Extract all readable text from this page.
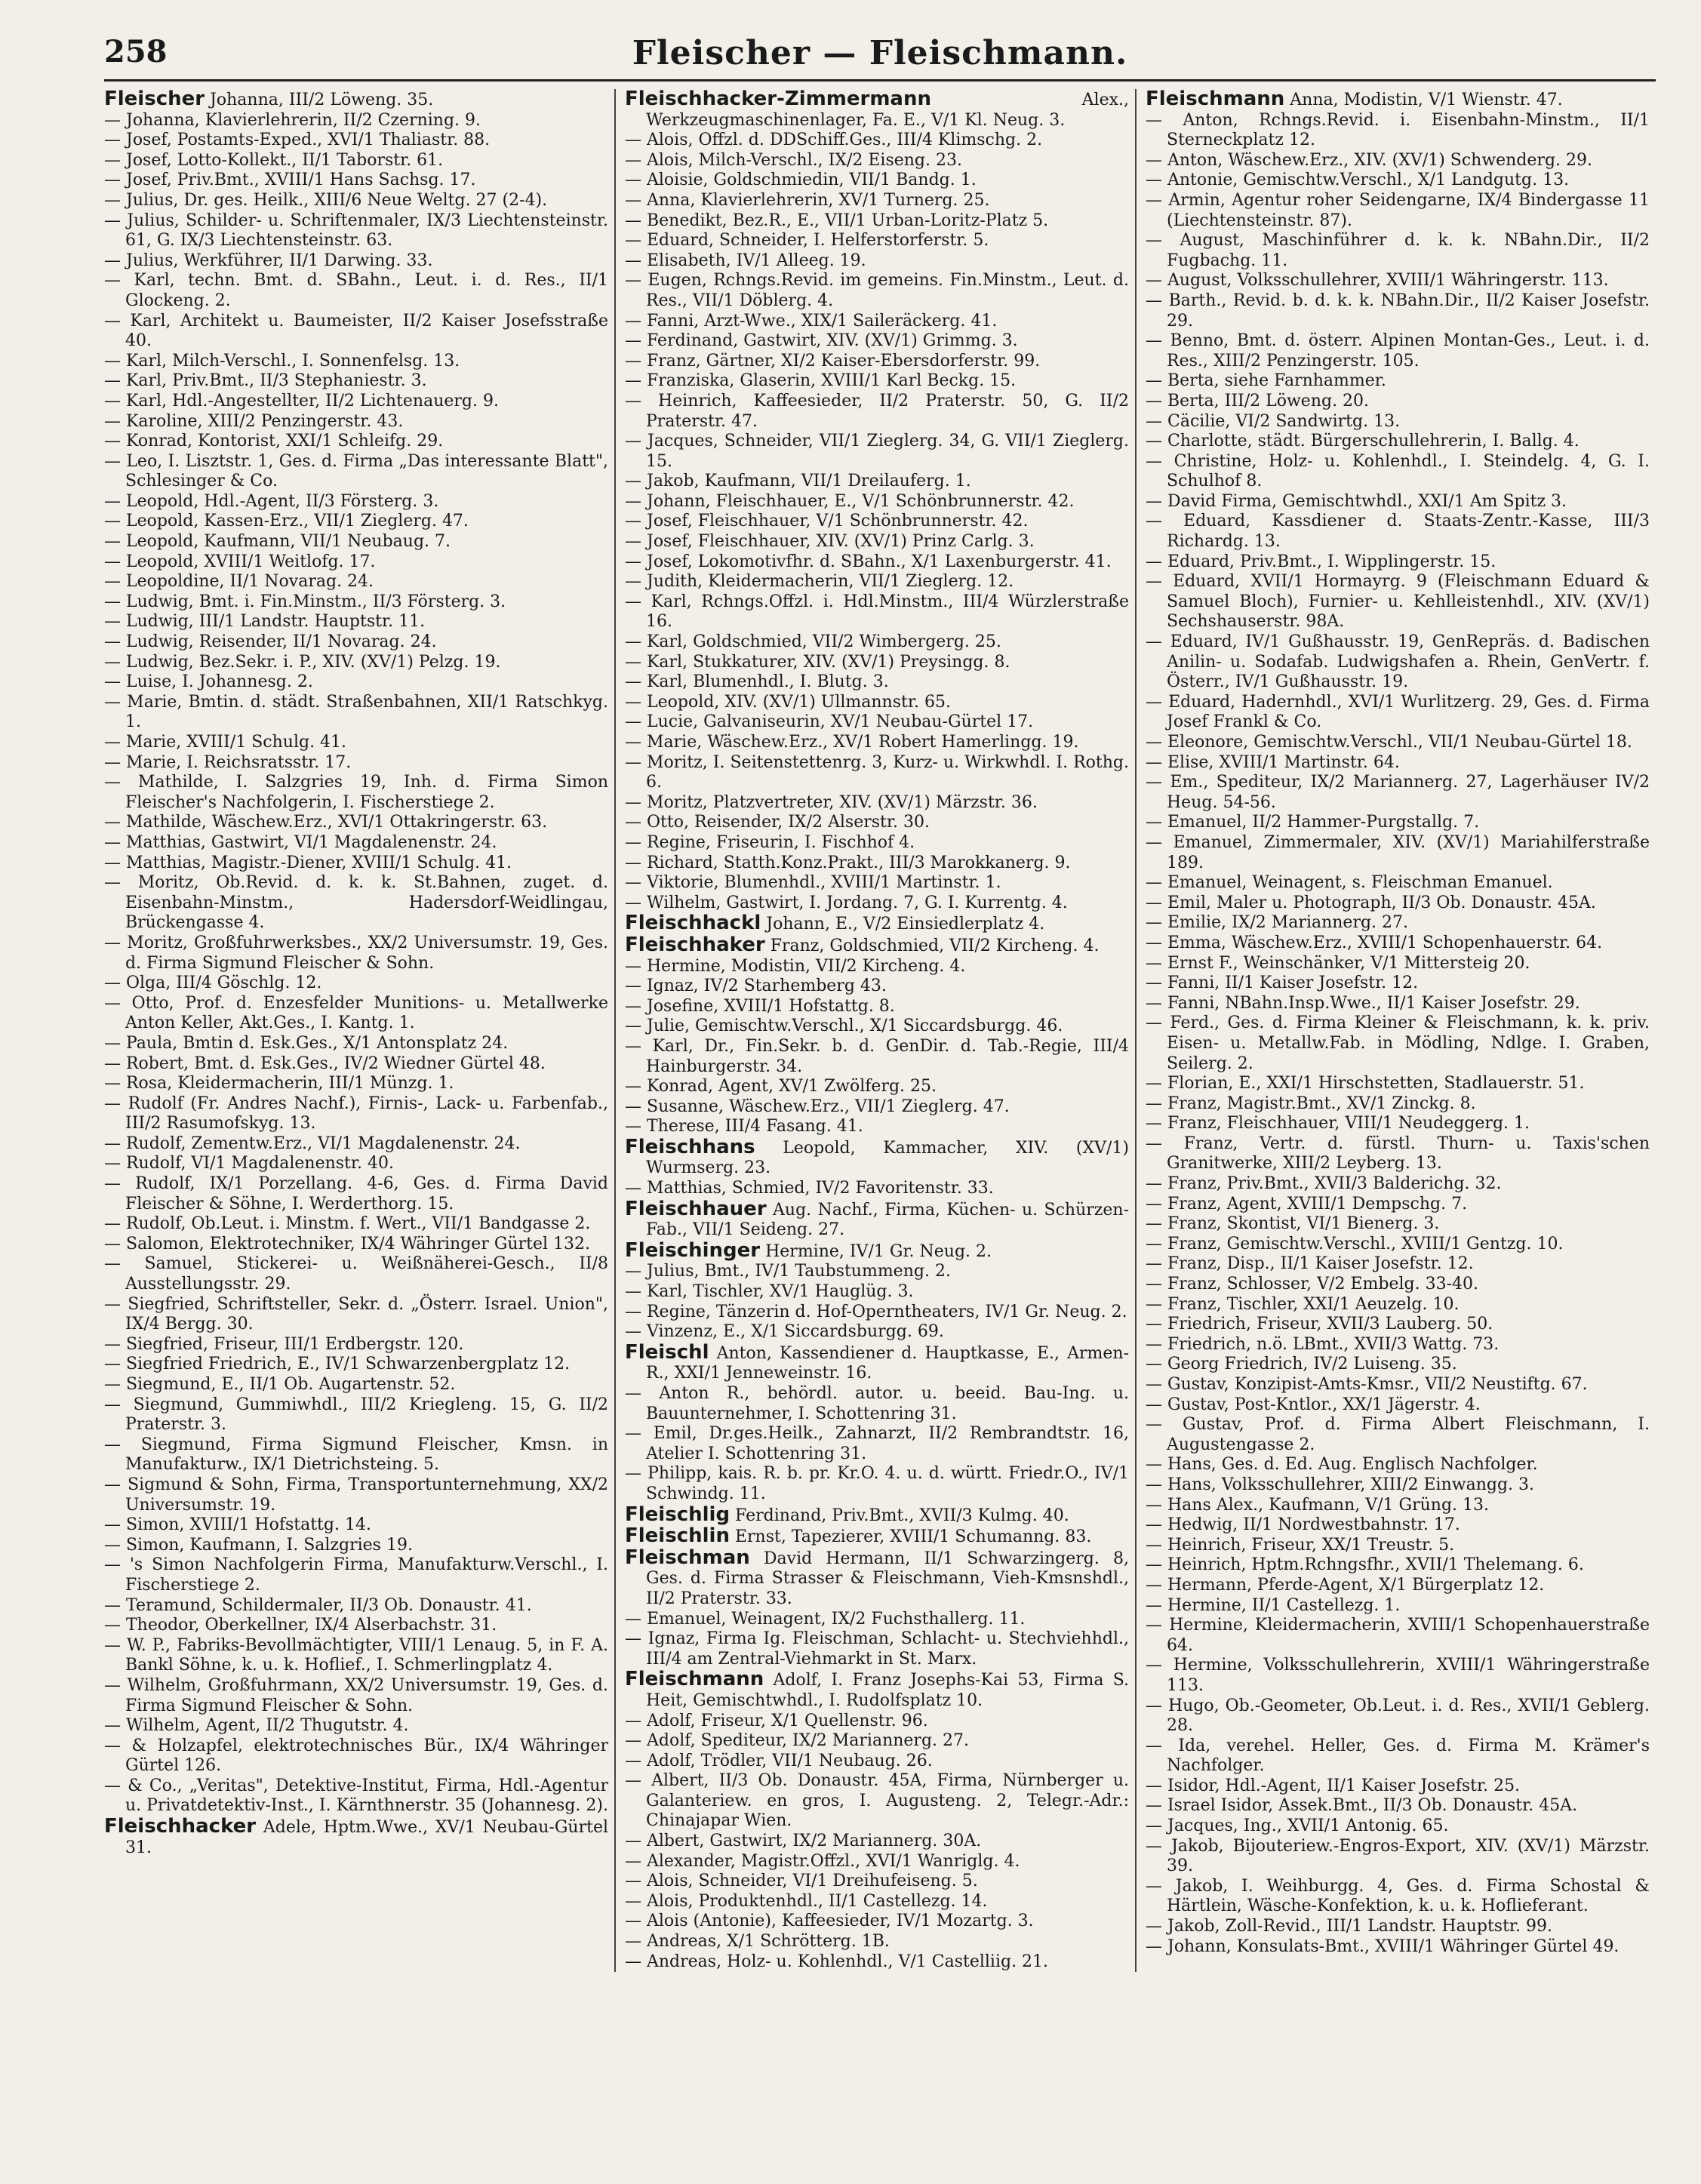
258	Fleischer — Fleischmann.

Fleischer Johanna, III/2 Löweng. 35.

— Johanna, Klavierlehrerin, II/2 Czerning. 9.

— Josef, Postamts-Exped., XVI/1 Thaliastr. 88.

— Josef, Lotto-Kollekt., II/1 Taborstr. 61.

— Josef, Priv.Bmt., XVIII/1 Hans Sachsg. 17.

— Julius, Dr. ges. Heilk., XIII/6 Neue Weltg. 27 (2-4).

— Julius, Schilder- u. Schriftenmaler, IX/3 Liechtensteinstr. 61, G. IX/3 Liechtensteinstr. 63.

— Julius, Werkführer, II/1 Darwing. 33.

— Karl, techn. Bmt. d. SBahn., Leut. i. d. Res., II/1 Glockeng. 2.

— Karl, Architekt u. Baumeister, II/2 Kaiser Josefsstraße 40.

— Karl, Milch-Verschl., I. Sonnenfelsg. 13.

— Karl, Priv.Bmt., II/3 Stephaniestr. 3.

— Karl, Hdl.-Angestellter, II/2 Lichtenauerg. 9.

— Karoline, XIII/2 Penzingerstr. 43.

— Konrad, Kontorist, XXI/1 Schleifg. 29.

— Leo, I. Lisztstr. 1, Ges. d. Firma „Das interessante Blatt", Schlesinger & Co.

— Leopold, Hdl.-Agent, II/3 Försterg. 3.

— Leopold, Kassen-Erz., VII/1 Zieglerg. 47.

— Leopold, Kaufmann, VII/1 Neubaug. 7.

— Leopold, XVIII/1 Weitlofg. 17.

— Leopoldine, II/1 Novarag. 24.

— Ludwig, Bmt. i. Fin.Minstm., II/3 Försterg. 3.

— Ludwig, III/1 Landstr. Hauptstr. 11.

— Ludwig, Reisender, II/1 Novarag. 24.

— Ludwig, Bez.Sekr. i. P., XIV. (XV/1) Pelzg. 19.

— Luise, I. Johannesg. 2.

— Marie, Bmtin. d. städt. Straßenbahnen, XII/1 Ratschkyg. 1.

— Marie, XVIII/1 Schulg. 41.

— Marie, I. Reichsratsstr. 17.

— Mathilde, I. Salzgries 19, Inh. d. Firma Simon Fleischer's Nachfolgerin, I. Fischerstiege 2.

— Mathilde, Wäschew.Erz., XVI/1 Ottakringerstr. 63.

— Matthias, Gastwirt, VI/1 Magdalenenstr. 24.

— Matthias, Magistr.-Diener, XVIII/1 Schulg. 41.

— Moritz, Ob.Revid. d. k. k. St.Bahnen, zuget. d. Eisenbahn-Minstm., Hadersdorf-Weidlingau, Brückengasse 4.

— Moritz, Großfuhrwerksbes., XX/2 Universumstr. 19, Ges. d. Firma Sigmund Fleischer & Sohn.

— Olga, III/4 Göschlg. 12.

— Otto, Prof. d. Enzesfelder Munitions- u. Metallwerke Anton Keller, Akt.Ges., I. Kantg. 1.

— Paula, Bmtin d. Esk.Ges., X/1 Antonsplatz 24.

— Robert, Bmt. d. Esk.Ges., IV/2 Wiedner Gürtel 48.

— Rosa, Kleidermacherin, III/1 Münzg. 1.

— Rudolf (Fr. Andres Nachf.), Firnis-, Lack- u. Farbenfab., III/2 Rasumofskyg. 13.

— Rudolf, Zementw.Erz., VI/1 Magdalenenstr. 24.

— Rudolf, VI/1 Magdalenenstr. 40.

— Rudolf, IX/1 Porzellang. 4-6, Ges. d. Firma David Fleischer & Söhne, I. Werderthorg. 15.

— Rudolf, Ob.Leut. i. Minstm. f. Wert., VII/1 Bandgasse 2.

— Salomon, Elektrotechniker, IX/4 Währinger Gürtel 132.

— Samuel, Stickerei- u. Weißnäherei-Gesch., II/8 Ausstellungsstr. 29.

— Siegfried, Schriftsteller, Sekr. d. „Österr. Israel. Union", IX/4 Bergg. 30.

— Siegfried, Friseur, III/1 Erdbergstr. 120.

— Siegfried Friedrich, E., IV/1 Schwarzenbergplatz 12.

— Siegmund, E., II/1 Ob. Augartenstr. 52.

— Siegmund, Gummiwhdl., III/2 Kriegleng. 15, G. II/2 Praterstr. 3.

— Siegmund, Firma Sigmund Fleischer, Kmsn. in Manufakturw., IX/1 Dietrichsteing. 5.

— Sigmund & Sohn, Firma, Transportunternehmung, XX/2 Universumstr. 19.

— Simon, XVIII/1 Hofstattg. 14.

— Simon, Kaufmann, I. Salzgries 19.

— 's Simon Nachfolgerin Firma, Manufakturw.Verschl., I. Fischerstiege 2.

— Teramund, Schildermaler, II/3 Ob. Donaustr. 41.

— Theodor, Oberkellner, IX/4 Alserbachstr. 31.

— W. P., Fabriks-Bevollmächtigter, VIII/1 Lenaug. 5, in F. A. Bankl Söhne, k. u. k. Hoflief., I. Schmerlingplatz 4.

— Wilhelm, Großfuhrmann, XX/2 Universumstr. 19, Ges. d. Firma Sigmund Fleischer & Sohn.

— Wilhelm, Agent, II/2 Thugutstr. 4.

— & Holzapfel, elektrotechnisches Bür., IX/4 Währinger Gürtel 126.

— & Co., „Veritas", Detektive-Institut, Firma, Hdl.-Agentur u. Privatdetektiv-Inst., I. Kärnthnerstr. 35 (Johannesg. 2).

Fleischhacker Adele, Hptm.Wwe., XV/1 Neubau-Gürtel 31.

Fleischhacker-Zimmermann Alex., Werkzeugmaschinenlager, Fa. E., V/1 Kl. Neug. 3.

— Alois, Offzl. d. DDSchiff.Ges., III/4 Klimschg. 2.

— Alois, Milch-Verschl., IX/2 Eiseng. 23.

— Aloisie, Goldschmiedin, VII/1 Bandg. 1.

— Anna, Klavierlehrerin, XV/1 Turnerg. 25.

— Benedikt, Bez.R., E., VII/1 Urban-Loritz-Platz 5.

— Eduard, Schneider, I. Helferstorferstr. 5.

— Elisabeth, IV/1 Alleeg. 19.

— Eugen, Rchngs.Revid. im gemeins. Fin.Minstm., Leut. d. Res., VII/1 Döblerg. 4.

— Fanni, Arzt-Wwe., XIX/1 Saileräckerg. 41.

— Ferdinand, Gastwirt, XIV. (XV/1) Grimmg. 3.

— Franz, Gärtner, XI/2 Kaiser-Ebersdorferstr. 99.

— Franziska, Glaserin, XVIII/1 Karl Beckg. 15.

— Heinrich, Kaffeesieder, II/2 Praterstr. 50, G. II/2 Praterstr. 47.

— Jacques, Schneider, VII/1 Zieglerg. 34, G. VII/1 Zieglerg. 15.

— Jakob, Kaufmann, VII/1 Dreilauferg. 1.

— Johann, Fleischhauer, E., V/1 Schönbrunnerstr. 42.

— Josef, Fleischhauer, V/1 Schönbrunnerstr. 42.

— Josef, Fleischhauer, XIV. (XV/1) Prinz Carlg. 3.

— Josef, Lokomotivfhr. d. SBahn., X/1 Laxenburgerstr. 41.

— Judith, Kleidermacherin, VII/1 Zieglerg. 12.

— Karl, Rchngs.Offzl. i. Hdl.Minstm., III/4 Würzlerstraße 16.

— Karl, Goldschmied, VII/2 Wimbergerg. 25.

— Karl, Stukkaturer, XIV. (XV/1) Preysingg. 8.

— Karl, Blumenhdl., I. Blutg. 3.

— Leopold, XIV. (XV/1) Ullmannstr. 65.

— Lucie, Galvaniseurin, XV/1 Neubau-Gürtel 17.

— Marie, Wäschew.Erz., XV/1 Robert Hamerlingg. 19.

— Moritz, I. Seitenstettenrg. 3, Kurz- u. Wirkwhdl. I. Rothg. 6.

— Moritz, Platzvertreter, XIV. (XV/1) Märzstr. 36.

— Otto, Reisender, IX/2 Alserstr. 30.

— Regine, Friseurin, I. Fischhof 4.

— Richard, Statth.Konz.Prakt., III/3 Marokkanerg. 9.

— Viktorie, Blumenhdl., XVIII/1 Martinstr. 1.

— Wilhelm, Gastwirt, I. Jordang. 7, G. I. Kurrentg. 4.

Fleischhackl Johann, E., V/2 Einsiedlerplatz 4.

Fleischhaker Franz, Goldschmied, VII/2 Kircheng. 4.

— Hermine, Modistin, VII/2 Kircheng. 4.

— Ignaz, IV/2 Starhemberg 43.

— Josefine, XVIII/1 Hofstattg. 8.

— Julie, Gemischtw.Verschl., X/1 Siccardsburgg. 46.

— Karl, Dr., Fin.Sekr. b. d. GenDir. d. Tab.-Regie, III/4 Hainburgerstr. 34.

— Konrad, Agent, XV/1 Zwölferg. 25.

— Susanne, Wäschew.Erz., VII/1 Zieglerg. 47.

— Therese, III/4 Fasang. 41.

Fleischhans Leopold, Kammacher, XIV. (XV/1) Wurmserg. 23.

— Matthias, Schmied, IV/2 Favoritenstr. 33.

Fleischhauer Aug. Nachf., Firma, Küchen- u. Schürzen-Fab., VII/1 Seideng. 27.

Fleischinger Hermine, IV/1 Gr. Neug. 2.

— Julius, Bmt., IV/1 Taubstummeng. 2.

— Karl, Tischler, XV/1 Hauglüg. 3.

— Regine, Tänzerin d. Hof-Operntheaters, IV/1 Gr. Neug. 2.

— Vinzenz, E., X/1 Siccardsburgg. 69.

Fleischl Anton, Kassendiener d. Hauptkasse, E., Armen-R., XXI/1 Jenneweinstr. 16.

— Anton R., behördl. autor. u. beeid. Bau-Ing. u. Bauunternehmer, I. Schottenring 31.

— Emil, Dr.ges.Heilk., Zahnarzt, II/2 Rembrandtstr. 16, Atelier I. Schottenring 31.

— Philipp, kais. R. b. pr. Kr.O. 4. u. d. württ. Friedr.O., IV/1 Schwindg. 11.

Fleischlig Ferdinand, Priv.Bmt., XVII/3 Kulmg. 40.

Fleischlin Ernst, Tapezierer, XVIII/1 Schumanng. 83.

Fleischman David Hermann, II/1 Schwarzingerg. 8, Ges. d. Firma Strasser & Fleischmann, Vieh-Kmsnshdl., II/2 Praterstr. 33.

— Emanuel, Weinagent, IX/2 Fuchsthallerg. 11.

— Ignaz, Firma Ig. Fleischman, Schlacht- u. Stechviehhdl., III/4 am Zentral-Viehmarkt in St. Marx.

Fleischmann Adolf, I. Franz Josephs-Kai 53, Firma S. Heit, Gemischtwhdl., I. Rudolfsplatz 10.

— Adolf, Friseur, X/1 Quellenstr. 96.

— Adolf, Spediteur, IX/2 Mariannerg. 27.

— Adolf, Trödler, VII/1 Neubaug. 26.

— Albert, II/3 Ob. Donaustr. 45A, Firma, Nürnberger u. Galanteriew. en gros, I. Augusteng. 2, Telegr.-Adr.: Chinajapar Wien.

— Albert, Gastwirt, IX/2 Mariannerg. 30A.

— Alexander, Magistr.Offzl., XVI/1 Wanriglg. 4.

— Alois, Schneider, VI/1 Dreihufeiseng. 5.

— Alois, Produktenhdl., II/1 Castellezg. 14.

— Alois (Antonie), Kaffeesieder, IV/1 Mozartg. 3.

— Andreas, X/1 Schrötterg. 1B.

— Andreas, Holz- u. Kohlenhdl., V/1 Castelliig. 21.

Fleischmann Anna, Modistin, V/1 Wienstr. 47.

— Anton, Rchngs.Revid. i. Eisenbahn-Minstm., II/1 Sterneckplatz 12.

— Anton, Wäschew.Erz., XIV. (XV/1) Schwenderg. 29.

— Antonie, Gemischtw.Verschl., X/1 Landgutg. 13.

— Armin, Agentur roher Seidengarne, IX/4 Bindergasse 11 (Liechtensteinstr. 87).

— August, Maschinführer d. k. k. NBahn.Dir., II/2 Fugbachg. 11.

— August, Volksschullehrer, XVIII/1 Währingerstr. 113.

— Barth., Revid. b. d. k. k. NBahn.Dir., II/2 Kaiser Josefstr. 29.

— Benno, Bmt. d. österr. Alpinen Montan-Ges., Leut. i. d. Res., XIII/2 Penzingerstr. 105.

— Berta, siehe Farnhammer.

— Berta, III/2 Löweng. 20.

— Cäcilie, VI/2 Sandwirtg. 13.

— Charlotte, städt. Bürgerschullehrerin, I. Ballg. 4.

— Christine, Holz- u. Kohlenhdl., I. Steindelg. 4, G. I. Schulhof 8.

— David Firma, Gemischtwhdl., XXI/1 Am Spitz 3.

— Eduard, Kassdiener d. Staats-Zentr.-Kasse, III/3 Richardg. 13.

— Eduard, Priv.Bmt., I. Wipplingerstr. 15.

— Eduard, XVII/1 Hormayrg. 9 (Fleischmann Eduard & Samuel Bloch), Furnier- u. Kehlleistenhdl., XIV. (XV/1) Sechshauserstr. 98A.

— Eduard, IV/1 Gußhausstr. 19, GenRepräs. d. Badischen Anilin- u. Sodafab. Ludwigshafen a. Rhein, GenVertr. f. Österr., IV/1 Gußhausstr. 19.

— Eduard, Hadernhdl., XVI/1 Wurlitzerg. 29, Ges. d. Firma Josef Frankl & Co.

— Eleonore, Gemischtw.Verschl., VII/1 Neubau-Gürtel 18.

— Elise, XVIII/1 Martinstr. 64.

— Em., Spediteur, IX/2 Mariannerg. 27, Lagerhäuser IV/2 Heug. 54-56.

— Emanuel, II/2 Hammer-Purgstallg. 7.

— Emanuel, Zimmermaler, XIV. (XV/1) Mariahilferstraße 189.

— Emanuel, Weinagent, s. Fleischman Emanuel.

— Emil, Maler u. Photograph, II/3 Ob. Donaustr. 45A.

— Emilie, IX/2 Mariannerg. 27.

— Emma, Wäschew.Erz., XVIII/1 Schopenhauerstr. 64.

— Ernst F., Weinschänker, V/1 Mittersteig 20.

— Fanni, II/1 Kaiser Josefstr. 12.

— Fanni, NBahn.Insp.Wwe., II/1 Kaiser Josefstr. 29.

— Ferd., Ges. d. Firma Kleiner & Fleischmann, k. k. priv. Eisen- u. Metallw.Fab. in Mödling, Ndlge. I. Graben, Seilerg. 2.

— Florian, E., XXI/1 Hirschstetten, Stadlauerstr. 51.

— Franz, Magistr.Bmt., XV/1 Zinckg. 8.

— Franz, Fleischhauer, VIII/1 Neudeggerg. 1.

— Franz, Vertr. d. fürstl. Thurn- u. Taxis'schen Granitwerke, XIII/2 Leyberg. 13.

— Franz, Priv.Bmt., XVII/3 Balderichg. 32.

— Franz, Agent, XVIII/1 Dempschg. 7.

— Franz, Skontist, VI/1 Bienerg. 3.

— Franz, Gemischtw.Verschl., XVIII/1 Gentzg. 10.

— Franz, Disp., II/1 Kaiser Josefstr. 12.

— Franz, Schlosser, V/2 Embelg. 33-40.

— Franz, Tischler, XXI/1 Aeuzelg. 10.

— Friedrich, Friseur, XVII/3 Lauberg. 50.

— Friedrich, n.ö. LBmt., XVII/3 Wattg. 73.

— Georg Friedrich, IV/2 Luiseng. 35.

— Gustav, Konzipist-Amts-Kmsr., VII/2 Neustiftg. 67.

— Gustav, Post-Kntlor., XX/1 Jägerstr. 4.

— Gustav, Prof. d. Firma Albert Fleischmann, I. Augustengasse 2.

— Hans, Ges. d. Ed. Aug. Englisch Nachfolger.

— Hans, Volksschullehrer, XIII/2 Einwangg. 3.

— Hans Alex., Kaufmann, V/1 Grüng. 13.

— Hedwig, II/1 Nordwestbahnstr. 17.

— Heinrich, Friseur, XX/1 Treustr. 5.

— Heinrich, Hptm.Rchngsfhr., XVII/1 Thelemang. 6.

— Hermann, Pferde-Agent, X/1 Bürgerplatz 12.

— Hermine, II/1 Castellezg. 1.

— Hermine, Kleidermacherin, XVIII/1 Schopenhauerstraße 64.

— Hermine, Volksschullehrerin, XVIII/1 Währingerstraße 113.

— Hugo, Ob.-Geometer, Ob.Leut. i. d. Res., XVII/1 Geblerg. 28.

— Ida, verehel. Heller, Ges. d. Firma M. Krämer's Nachfolger.

— Isidor, Hdl.-Agent, II/1 Kaiser Josefstr. 25.

— Israel Isidor, Assek.Bmt., II/3 Ob. Donaustr. 45A.

— Jacques, Ing., XVII/1 Antonig. 65.

— Jakob, Bijouteriew.-Engros-Export, XIV. (XV/1) Märzstr. 39.

— Jakob, I. Weihburgg. 4, Ges. d. Firma Schostal & Härtlein, Wäsche-Konfektion, k. u. k. Hoflieferant.

— Jakob, Zoll-Revid., III/1 Landstr. Hauptstr. 99.

— Johann, Konsulats-Bmt., XVIII/1 Währinger Gürtel 49.
